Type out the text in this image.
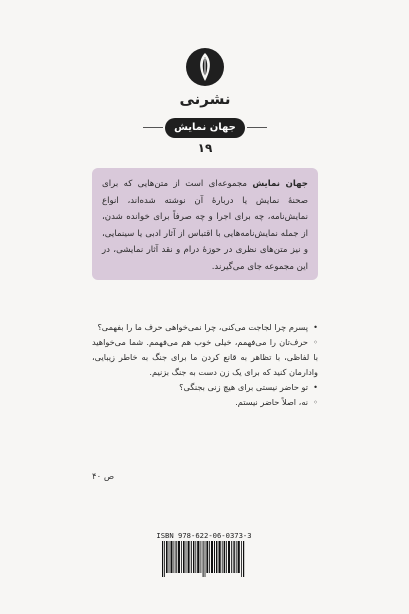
نشرنی
جهان نمایش
۱۹
جهان نمایش مجموعه‌ای است از متن‌هایی که برای صحنهٔ نمایش یا دربارهٔ آن نوشته شده‌اند، انواع نمایش‌نامه، چه برای اجرا و چه صرفاً برای خوانده شدن، از جمله نمایش‌نامه‌هایی با اقتباس از آثار ادبی یا سینمایی، و نیز متن‌های نظری در حوزهٔ درام و نقد آثار نمایشی، در این مجموعه جای می‌گیرند.

•پسرم چرا لجاجت می‌کنی، چرا نمی‌خواهی حرف ما را بفهمی؟

◦حرف‌تان را می‌فهمم، خیلی خوب هم می‌فهمم. شما می‌خواهید با لفاظی، با تظاهر به قانع کردن ما برای جنگ به خاطر زیبایی، وادارمان کنید که برای یک زن دست به جنگ بزنیم.

•تو حاضر نیستی برای هیچ زنی بجنگی؟

◦نه، اصلاً حاضر نیستم.

ص ۴۰
ISBN 978-622-06-0373-3
